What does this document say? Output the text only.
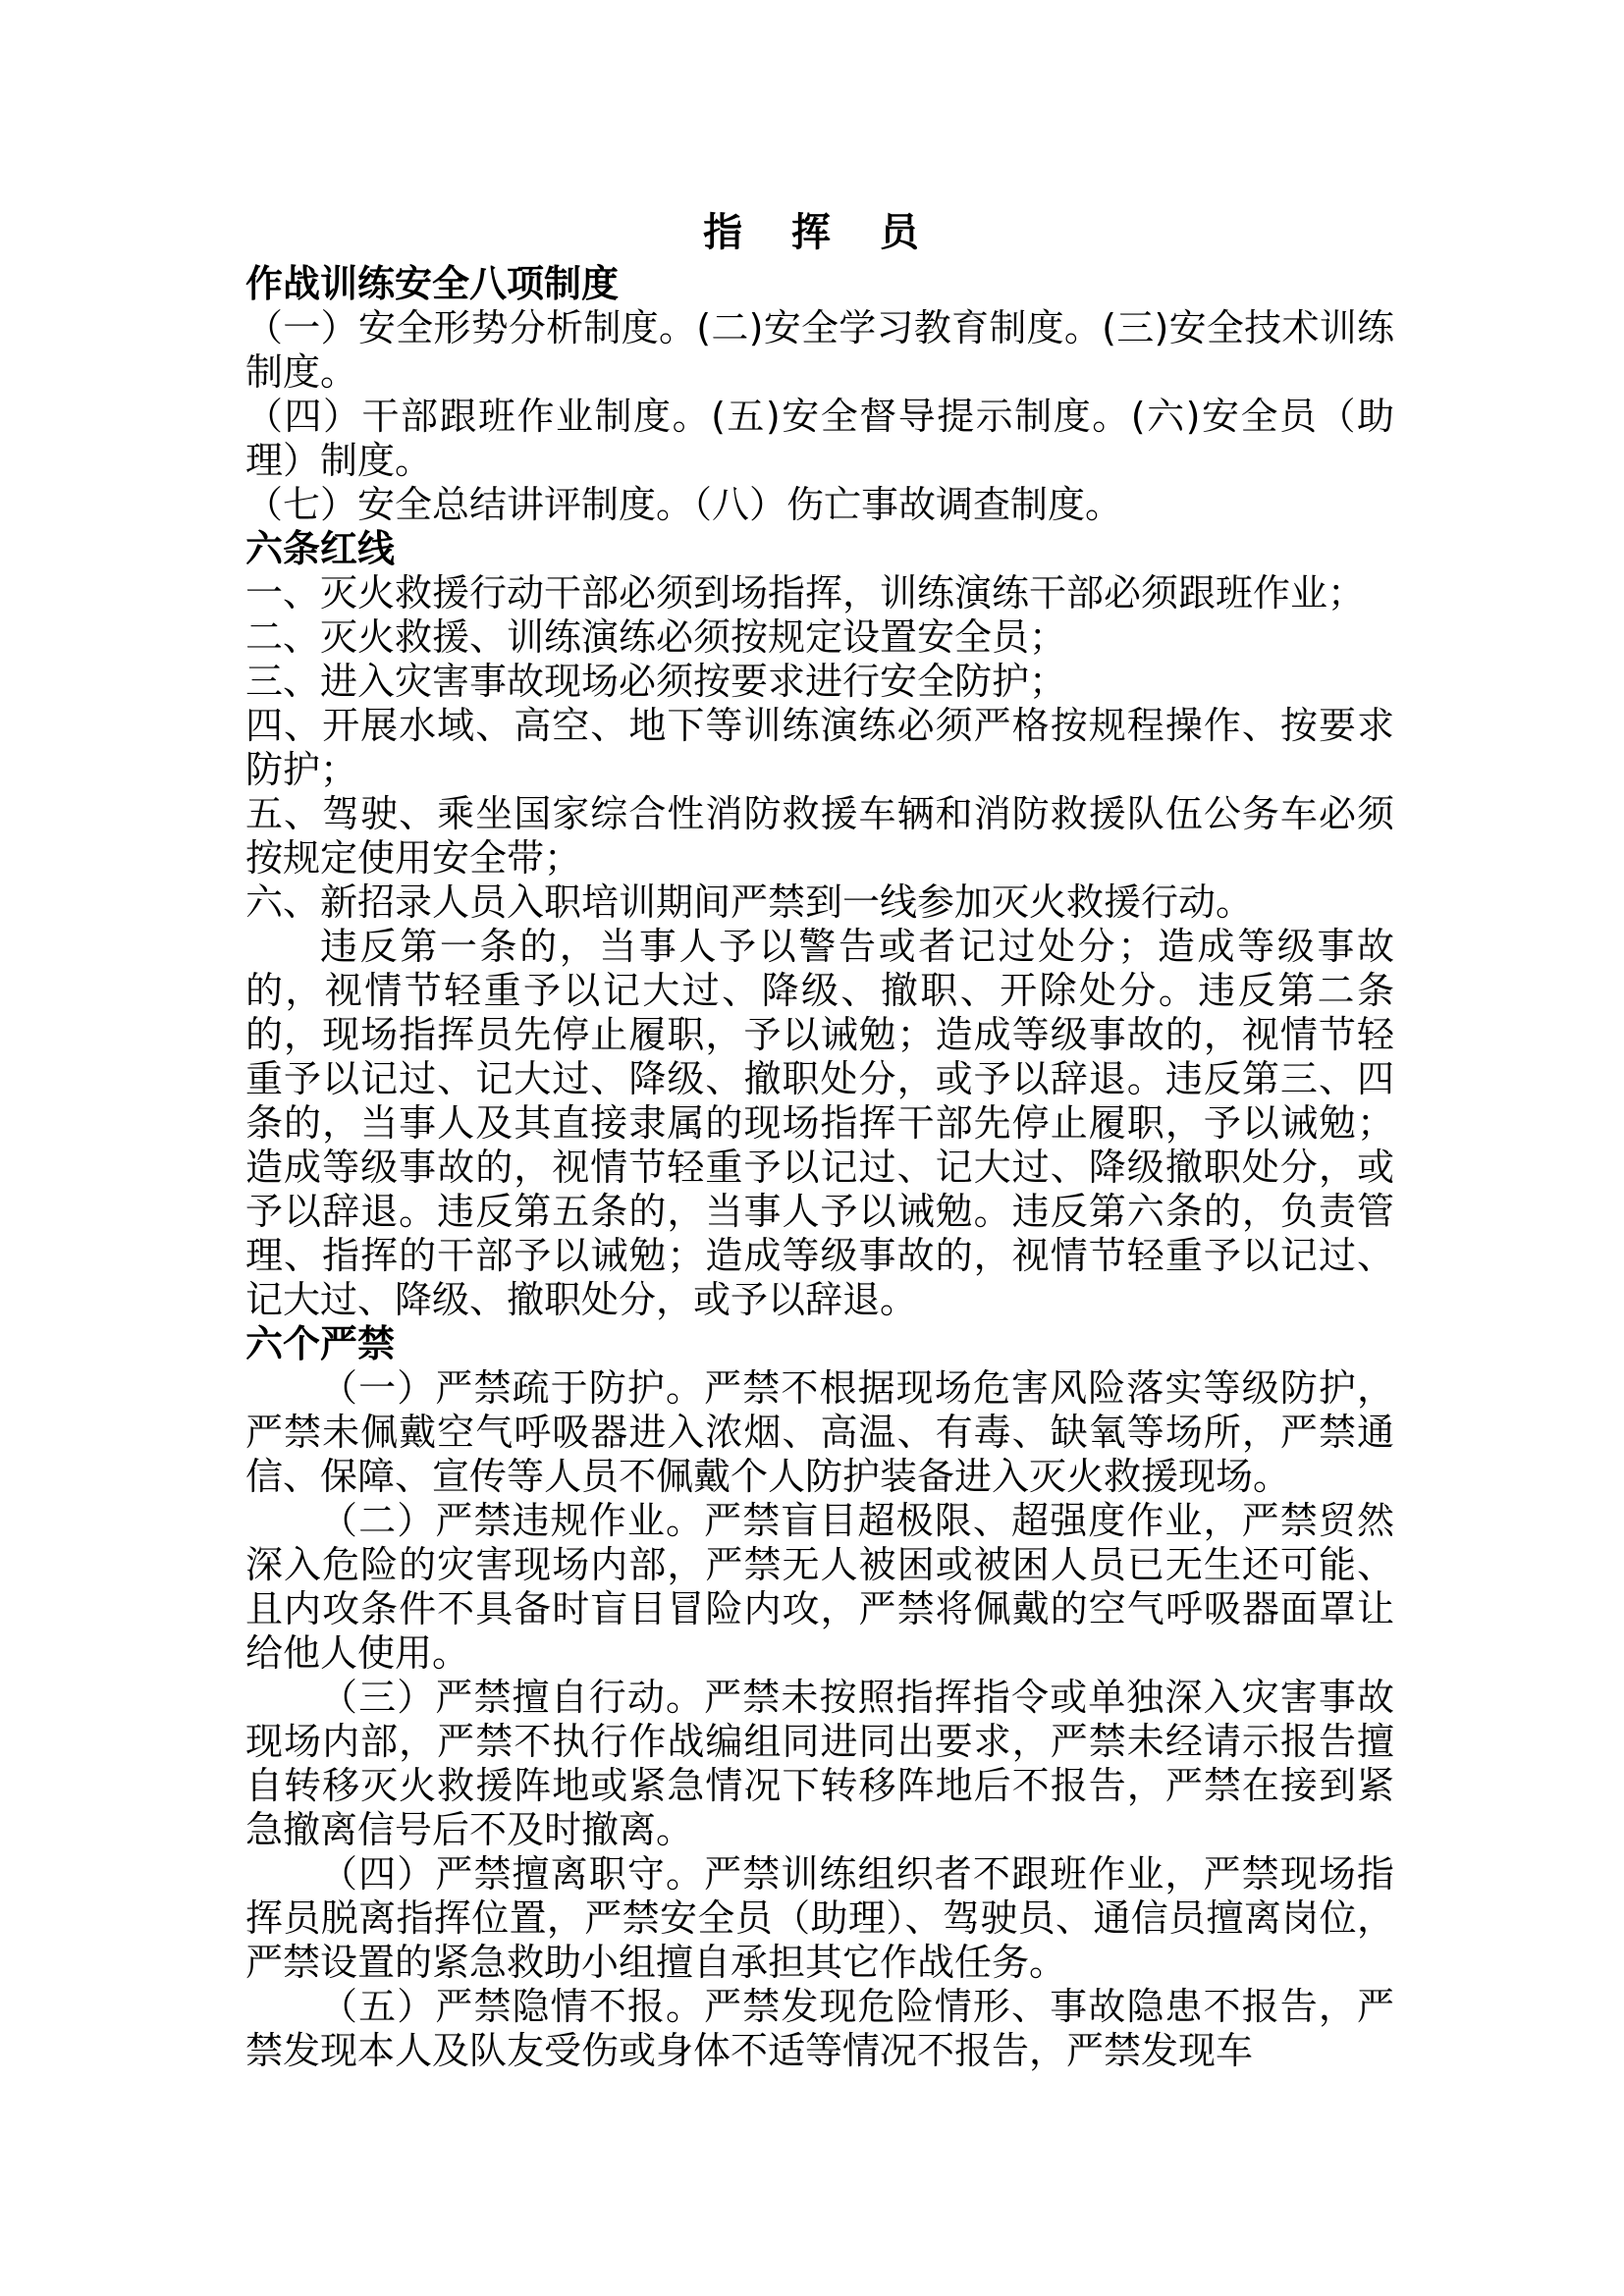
指 挥 员
作战训练安全八项制度
（一）安全形势分析制度。(二)安全学习教育制度。(三)安全技术训练制度。
（四）干部跟班作业制度。(五)安全督导提示制度。(六)安全员（助理）制度。
（七）安全总结讲评制度。（八）伤亡事故调查制度。
六条红线
一、灭火救援行动干部必须到场指挥，训练演练干部必须跟班作业；
二、灭火救援、训练演练必须按规定设置安全员；
三、进入灾害事故现场必须按要求进行安全防护；
四、开展水域、高空、地下等训练演练必须严格按规程操作、按要求防护；
五、驾驶、乘坐国家综合性消防救援车辆和消防救援队伍公务车必须按规定使用安全带；
六、新招录人员入职培训期间严禁到一线参加灭火救援行动。
违反第一条的，当事人予以警告或者记过处分；造成等级事故的，视情节轻重予以记大过、降级、撤职、开除处分。违反第二条的，现场指挥员先停止履职，予以诫勉；造成等级事故的，视情节轻重予以记过、记大过、降级、撤职处分，或予以辞退。违反第三、四条的，当事人及其直接隶属的现场指挥干部先停止履职，予以诫勉；造成等级事故的，视情节轻重予以记过、记大过、降级撤职处分，或予以辞退。违反第五条的，当事人予以诫勉。违反第六条的，负责管理、指挥的干部予以诫勉；造成等级事故的，视情节轻重予以记过、记大过、降级、撤职处分，或予以辞退。
六个严禁
（一）严禁疏于防护。严禁不根据现场危害风险落实等级防护，严禁未佩戴空气呼吸器进入浓烟、高温、有毒、缺氧等场所，严禁通信、保障、宣传等人员不佩戴个人防护装备进入灭火救援现场。
（二）严禁违规作业。严禁盲目超极限、超强度作业，严禁贸然深入危险的灾害现场内部，严禁无人被困或被困人员已无生还可能、且内攻条件不具备时盲目冒险内攻，严禁将佩戴的空气呼吸器面罩让给他人使用。
（三）严禁擅自行动。严禁未按照指挥指令或单独深入灾害事故现场内部，严禁不执行作战编组同进同出要求，严禁未经请示报告擅自转移灭火救援阵地或紧急情况下转移阵地后不报告，严禁在接到紧急撤离信号后不及时撤离。
（四）严禁擅离职守。严禁训练组织者不跟班作业，严禁现场指挥员脱离指挥位置，严禁安全员（助理）、驾驶员、通信员擅离岗位，严禁设置的紧急救助小组擅自承担其它作战任务。
（五）严禁隐情不报。严禁发现危险情形、事故隐患不报告，严禁发现本人及队友受伤或身体不适等情况不报告，严禁发现车
